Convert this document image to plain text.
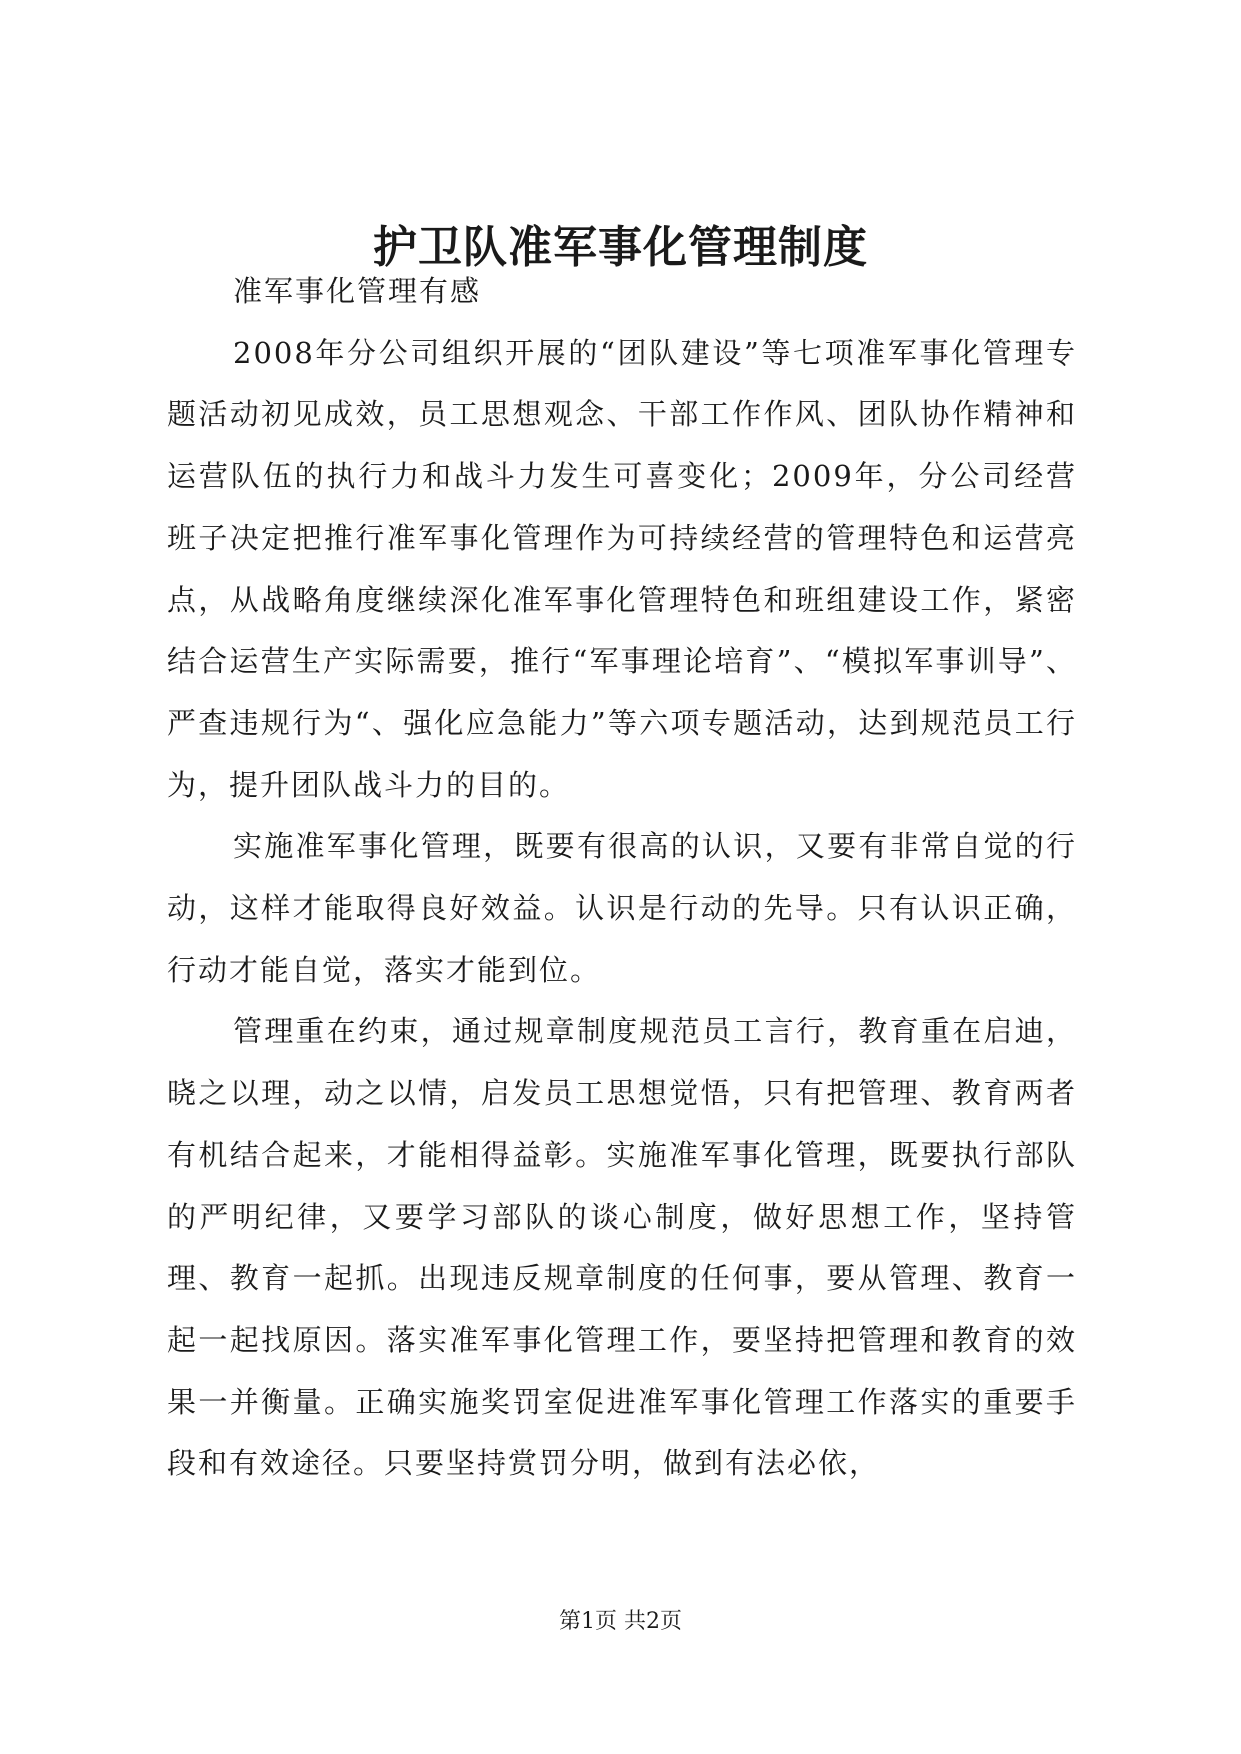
护卫队准军事化管理制度

准军事化管理有感

2008年分公司组织开展的“团队建设”等七项准军事化管理专题活动初见成效，员工思想观念、干部工作作风、团队协作精神和运营队伍的执行力和战斗力发生可喜变化；2009年，分公司经营班子决定把推行准军事化管理作为可持续经营的管理特色和运营亮点，从战略角度继续深化准军事化管理特色和班组建设工作，紧密结合运营生产实际需要，推行“军事理论培育”、“模拟军事训导”、严查违规行为“、强化应急能力”等六项专题活动，达到规范员工行为，提升团队战斗力的目的。

实施准军事化管理，既要有很高的认识，又要有非常自觉的行动，这样才能取得良好效益。认识是行动的先导。只有认识正确，行动才能自觉，落实才能到位。

管理重在约束，通过规章制度规范员工言行，教育重在启迪，晓之以理，动之以情，启发员工思想觉悟，只有把管理、教育两者有机结合起来，才能相得益彰。实施准军事化管理，既要执行部队的严明纪律，又要学习部队的谈心制度，做好思想工作，坚持管理、教育一起抓。出现违反规章制度的任何事，要从管理、教育一起一起找原因。落实准军事化管理工作，要坚持把管理和教育的效果一并衡量。正确实施奖罚室促进准军事化管理工作落实的重要手段和有效途径。只要坚持赏罚分明，做到有法必依，

第1页 共2页
